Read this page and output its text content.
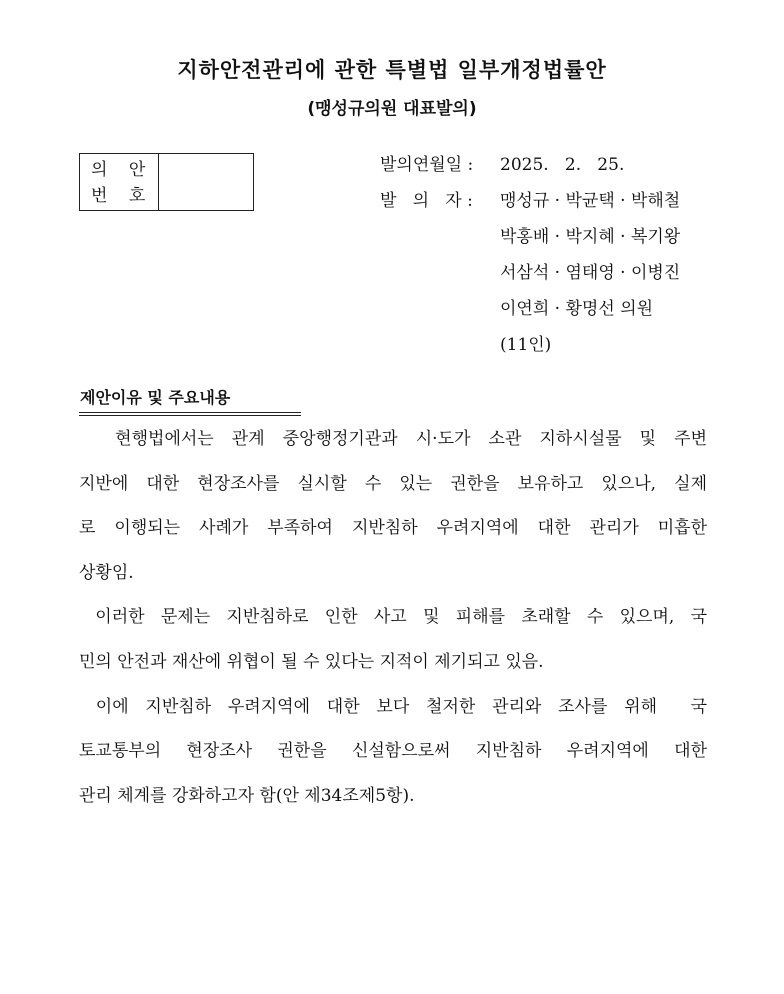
지하안전관리에 관한 특별법 일부개정법률안
(맹성규의원 대표발의)
의 안
번 호
발의연월일 :	2025.   2.   25.
발   의   자 :	맹성규 · 박균택 · 박해철
박홍배 · 박지혜 · 복기왕
서삼석 · 염태영 · 이병진
이연희 · 황명선 의원
(11인)
제안이유 및 주요내용
현행법에서는 관계 중앙행정기관과 시·도가 소관 지하시설물 및 주변
지반에 대한 현장조사를 실시할 수 있는 권한을 보유하고 있으나, 실제
로 이행되는 사례가 부족하여 지반침하 우려지역에 대한 관리가 미흡한
상황임.
이러한 문제는 지반침하로 인한 사고 및 피해를 초래할 수 있으며, 국
민의 안전과 재산에 위협이 될 수 있다는 지적이 제기되고 있음.
이에 지반침하 우려지역에 대한 보다 철저한 관리와 조사를 위해  국
토교통부의 현장조사 권한을 신설함으로써 지반침하 우려지역에 대한
관리 체계를 강화하고자 함(안 제34조제5항).
